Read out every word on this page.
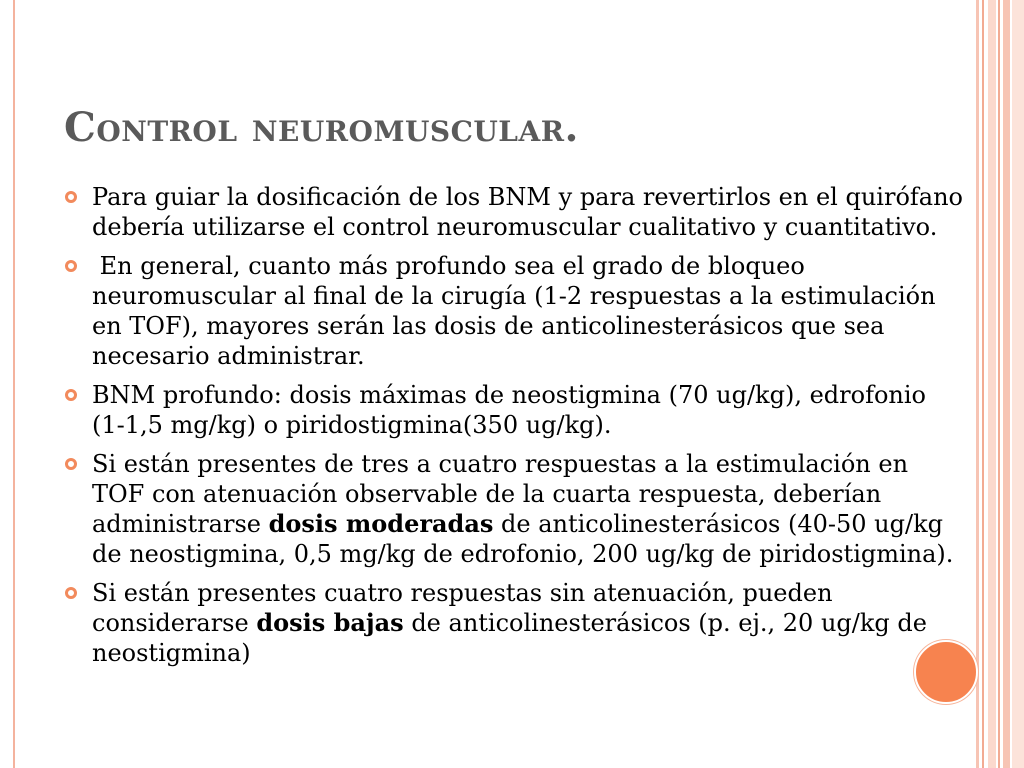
Control neuromuscular.
Para guiar la dosificación de los BNM y para revertirlos en el quirófano debería utilizarse el control neuromuscular cualitativo y cuantitativo.
En general, cuanto más profundo sea el grado de bloqueo neuromuscular al final de la cirugía (1-2 respuestas a la estimulación en TOF), mayores serán las dosis de anticolinesterásicos que sea necesario administrar.
BNM profundo: dosis máximas de neostigmina (70 ug/kg), edrofonio (1-1,5 mg/kg) o piridostigmina(350 ug/kg).
Si están presentes de tres a cuatro respuestas a la estimulación en TOF con atenuación observable de la cuarta respuesta, deberían administrarse dosis moderadas de anticolinesterásicos (40-50 ug/kg de neostigmina, 0,5 mg/kg de edrofonio, 200 ug/kg de piridostigmina).
Si están presentes cuatro respuestas sin atenuación, pueden considerarse dosis bajas de anticolinesterásicos (p. ej., 20 ug/kg de neostigmina)
